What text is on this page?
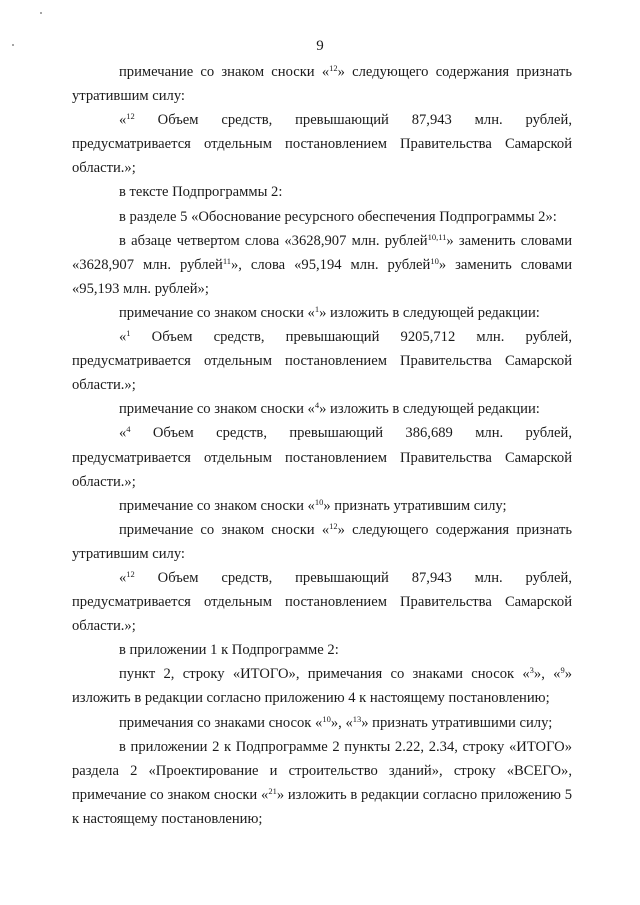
9

примечание со знаком сноски «$^{12}$» следующего содержания признать утратившим силу:

«$^{12}$ Объем средств, превышающий 87,943 млн. рублей, предусматривается отдельным постановлением Правительства Самарской области.»;

в тексте Подпрограммы 2:

в разделе 5 «Обоснование ресурсного обеспечения Подпрограммы 2»:

в абзаце четвертом слова «3628,907 млн. рублей$^{10,11}$» заменить словами «3628,907 млн. рублей$^{11}$», слова «95,194 млн. рублей$^{10}$» заменить словами «95,193 млн. рублей»;

примечание со знаком сноски «$^1$» изложить в следующей редакции:

«$^1$ Объем средств, превышающий 9205,712 млн. рублей, предусматривается отдельным постановлением Правительства Самарской области.»;

примечание со знаком сноски «$^4$» изложить в следующей редакции:

«$^4$ Объем средств, превышающий 386,689 млн. рублей, предусматривается отдельным постановлением Правительства Самарской области.»;

примечание со знаком сноски «$^{10}$» признать утратившим силу;

примечание со знаком сноски «$^{12}$» следующего содержания признать утратившим силу:

«$^{12}$ Объем средств, превышающий 87,943 млн. рублей, предусматривается отдельным постановлением Правительства Самарской области.»;

в приложении 1 к Подпрограмме 2:

пункт 2, строку «ИТОГО», примечания со знаками сносок «$^3$», «$^9$» изложить в редакции согласно приложению 4 к настоящему постановлению;

примечания со знаками сносок «$^{10}$», «$^{13}$» признать утратившими силу;

в приложении 2 к Подпрограмме 2 пункты 2.22, 2.34, строку «ИТОГО» раздела 2 «Проектирование и строительство зданий», строку «ВСЕГО», примечание со знаком сноски «$^{21}$» изложить в редакции согласно приложению 5 к настоящему постановлению;
